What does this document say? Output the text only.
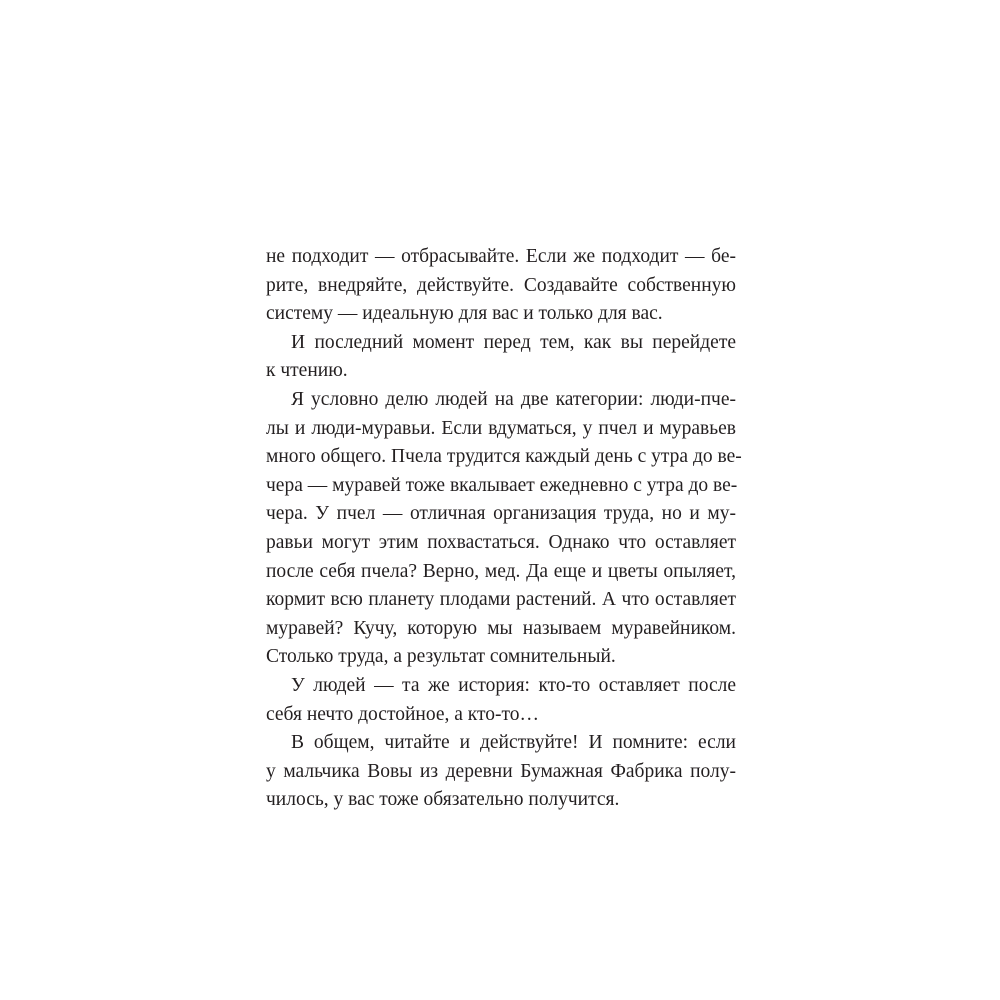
не подходит — отбрасывайте. Если же подходит — бе-
рите, внедряйте, действуйте. Создавайте собственную
систему — идеальную для вас и только для вас.
И последний момент перед тем, как вы перейдете
к чтению.
Я условно делю людей на две категории: люди-пче-
лы и люди-муравьи. Если вдуматься, у пчел и муравьев
много общего. Пчела трудится каждый день с утра до ве-
чера — муравей тоже вкалывает ежедневно с утра до ве-
чера. У пчел — отличная организация труда, но и му-
равьи могут этим похвастаться. Однако что оставляет
после себя пчела? Верно, мед. Да еще и цветы опыляет,
кормит всю планету плодами растений. А что оставляет
муравей? Кучу, которую мы называем муравейником.
Столько труда, а результат сомнительный.
У людей — та же история: кто-то оставляет после
себя нечто достойное, а кто-то…
В общем, читайте и действуйте! И помните: если
у мальчика Вовы из деревни Бумажная Фабрика полу-
чилось, у вас тоже обязательно получится.
